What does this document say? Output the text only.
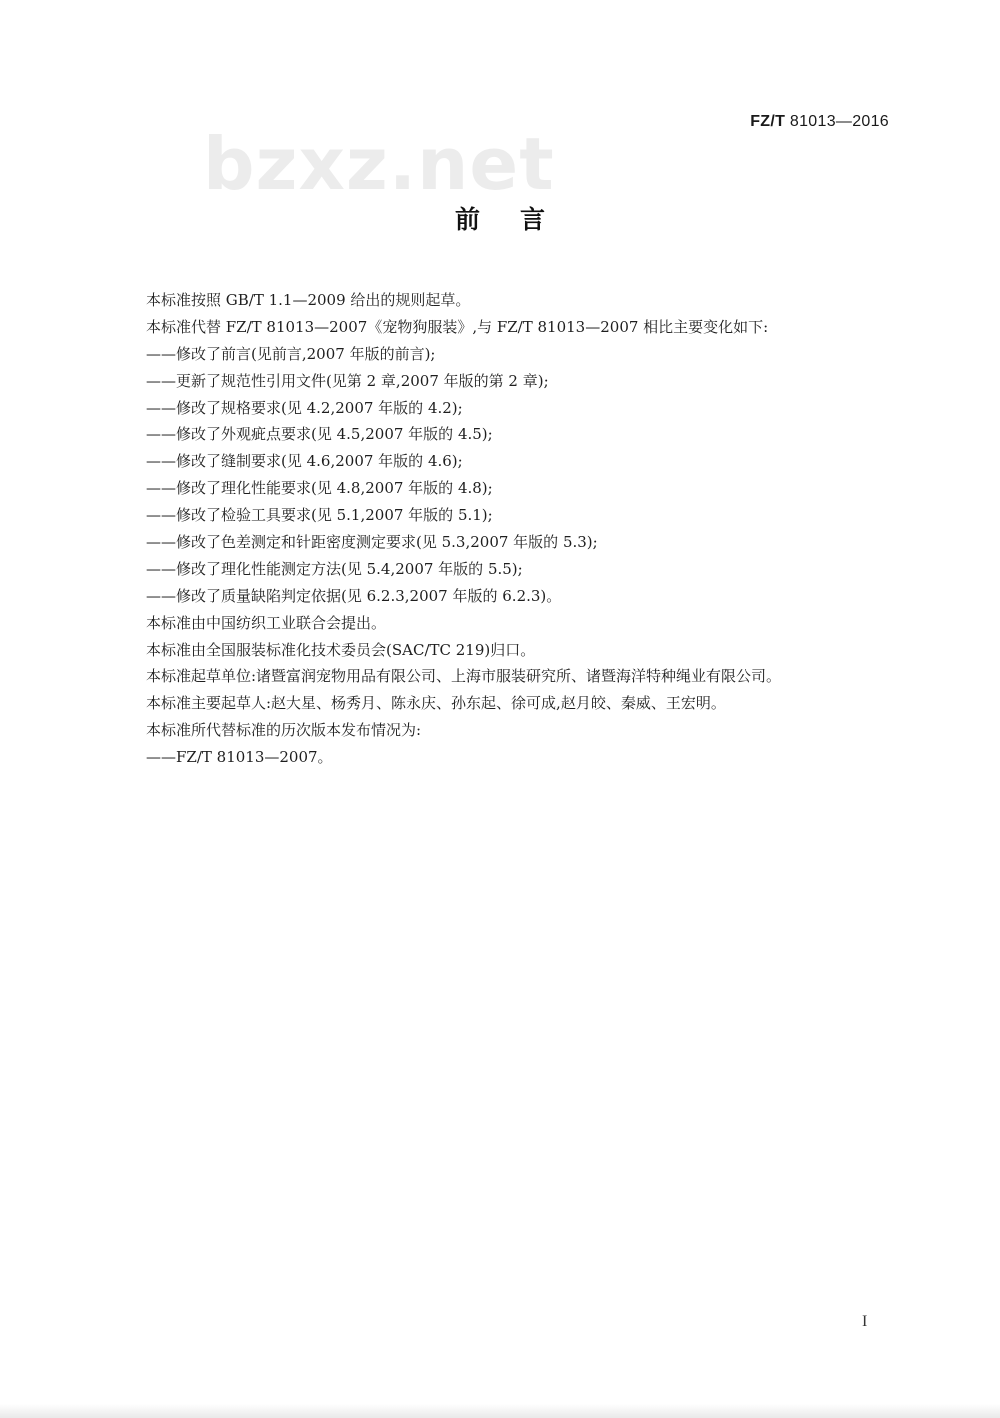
FZ/T 81013—2016
bzxz.net
前言
本标准按照 GB/T 1.1—2009 给出的规则起草。
本标准代替 FZ/T 81013—2007《宠物狗服装》,与 FZ/T 81013—2007 相比主要变化如下:
——修改了前言(见前言,2007 年版的前言);
——更新了规范性引用文件(见第 2 章,2007 年版的第 2 章);
——修改了规格要求(见 4.2,2007 年版的 4.2);
——修改了外观疵点要求(见 4.5,2007 年版的 4.5);
——修改了缝制要求(见 4.6,2007 年版的 4.6);
——修改了理化性能要求(见 4.8,2007 年版的 4.8);
——修改了检验工具要求(见 5.1,2007 年版的 5.1);
——修改了色差测定和针距密度测定要求(见 5.3,2007 年版的 5.3);
——修改了理化性能测定方法(见 5.4,2007 年版的 5.5);
——修改了质量缺陷判定依据(见 6.2.3,2007 年版的 6.2.3)。
本标准由中国纺织工业联合会提出。
本标准由全国服装标准化技术委员会(SAC/TC 219)归口。
本标准起草单位:诸暨富润宠物用品有限公司、上海市服装研究所、诸暨海洋特种绳业有限公司。
本标准主要起草人:赵大星、杨秀月、陈永庆、孙东起、徐可成,赵月皎、秦威、王宏明。
本标准所代替标准的历次版本发布情况为:
——FZ/T 81013—2007。
I
